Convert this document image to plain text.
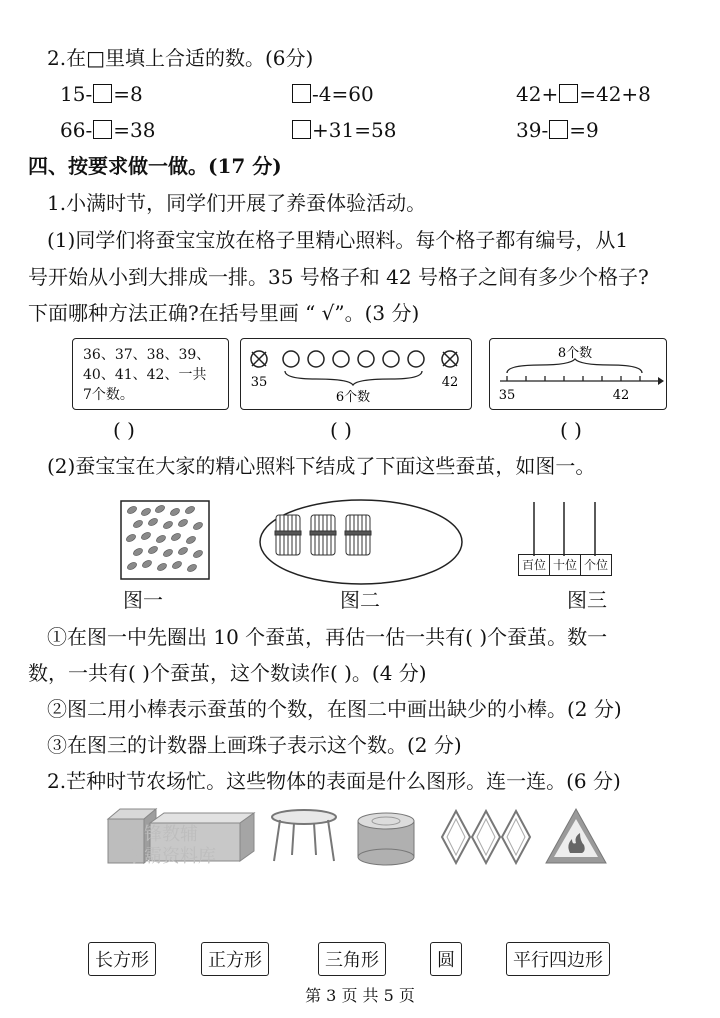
2.在□里填上合适的数。(6分)
15- =8	-4=60	42+ =42+8
66- =38	+31=58	39- =9
四、按要求做一做。(17 分)
1.小满时节，同学们开展了养蚕体验活动。
(1)同学们将蚕宝宝放在格子里精心照料。每个格子都有编号，从1
号开始从小到大排成一排。35 号格子和 42 号格子之间有多少个格子?
下面哪种方法正确?在括号里画 “ √”。(3 分)
36、37、38、39、
40、41、42、一共
7个数。
35	42
6个数
8个数
35	42
( )	( )	( )
(2)蚕宝宝在大家的精心照料下结成了下面这些蚕茧，如图一。
百位 十位 个位
图一	图二	图三
①在图一中先圈出 10 个蚕茧，再估一估一共有( )个蚕茧。数一
数，一共有( )个蚕茧，这个数读作( )。(4 分)
②图二用小棒表示蚕茧的个数，在图二中画出缺少的小棒。(2 分)
③在图三的计数器上画珠子表示这个数。(2 分)
2.芒种时节农场忙。这些物体的表面是什么图形。连一连。(6 分)
先锋教辅
学霸资料库
长方形	正方形	三角形	圆	平行四边形
第 3 页 共 5 页
